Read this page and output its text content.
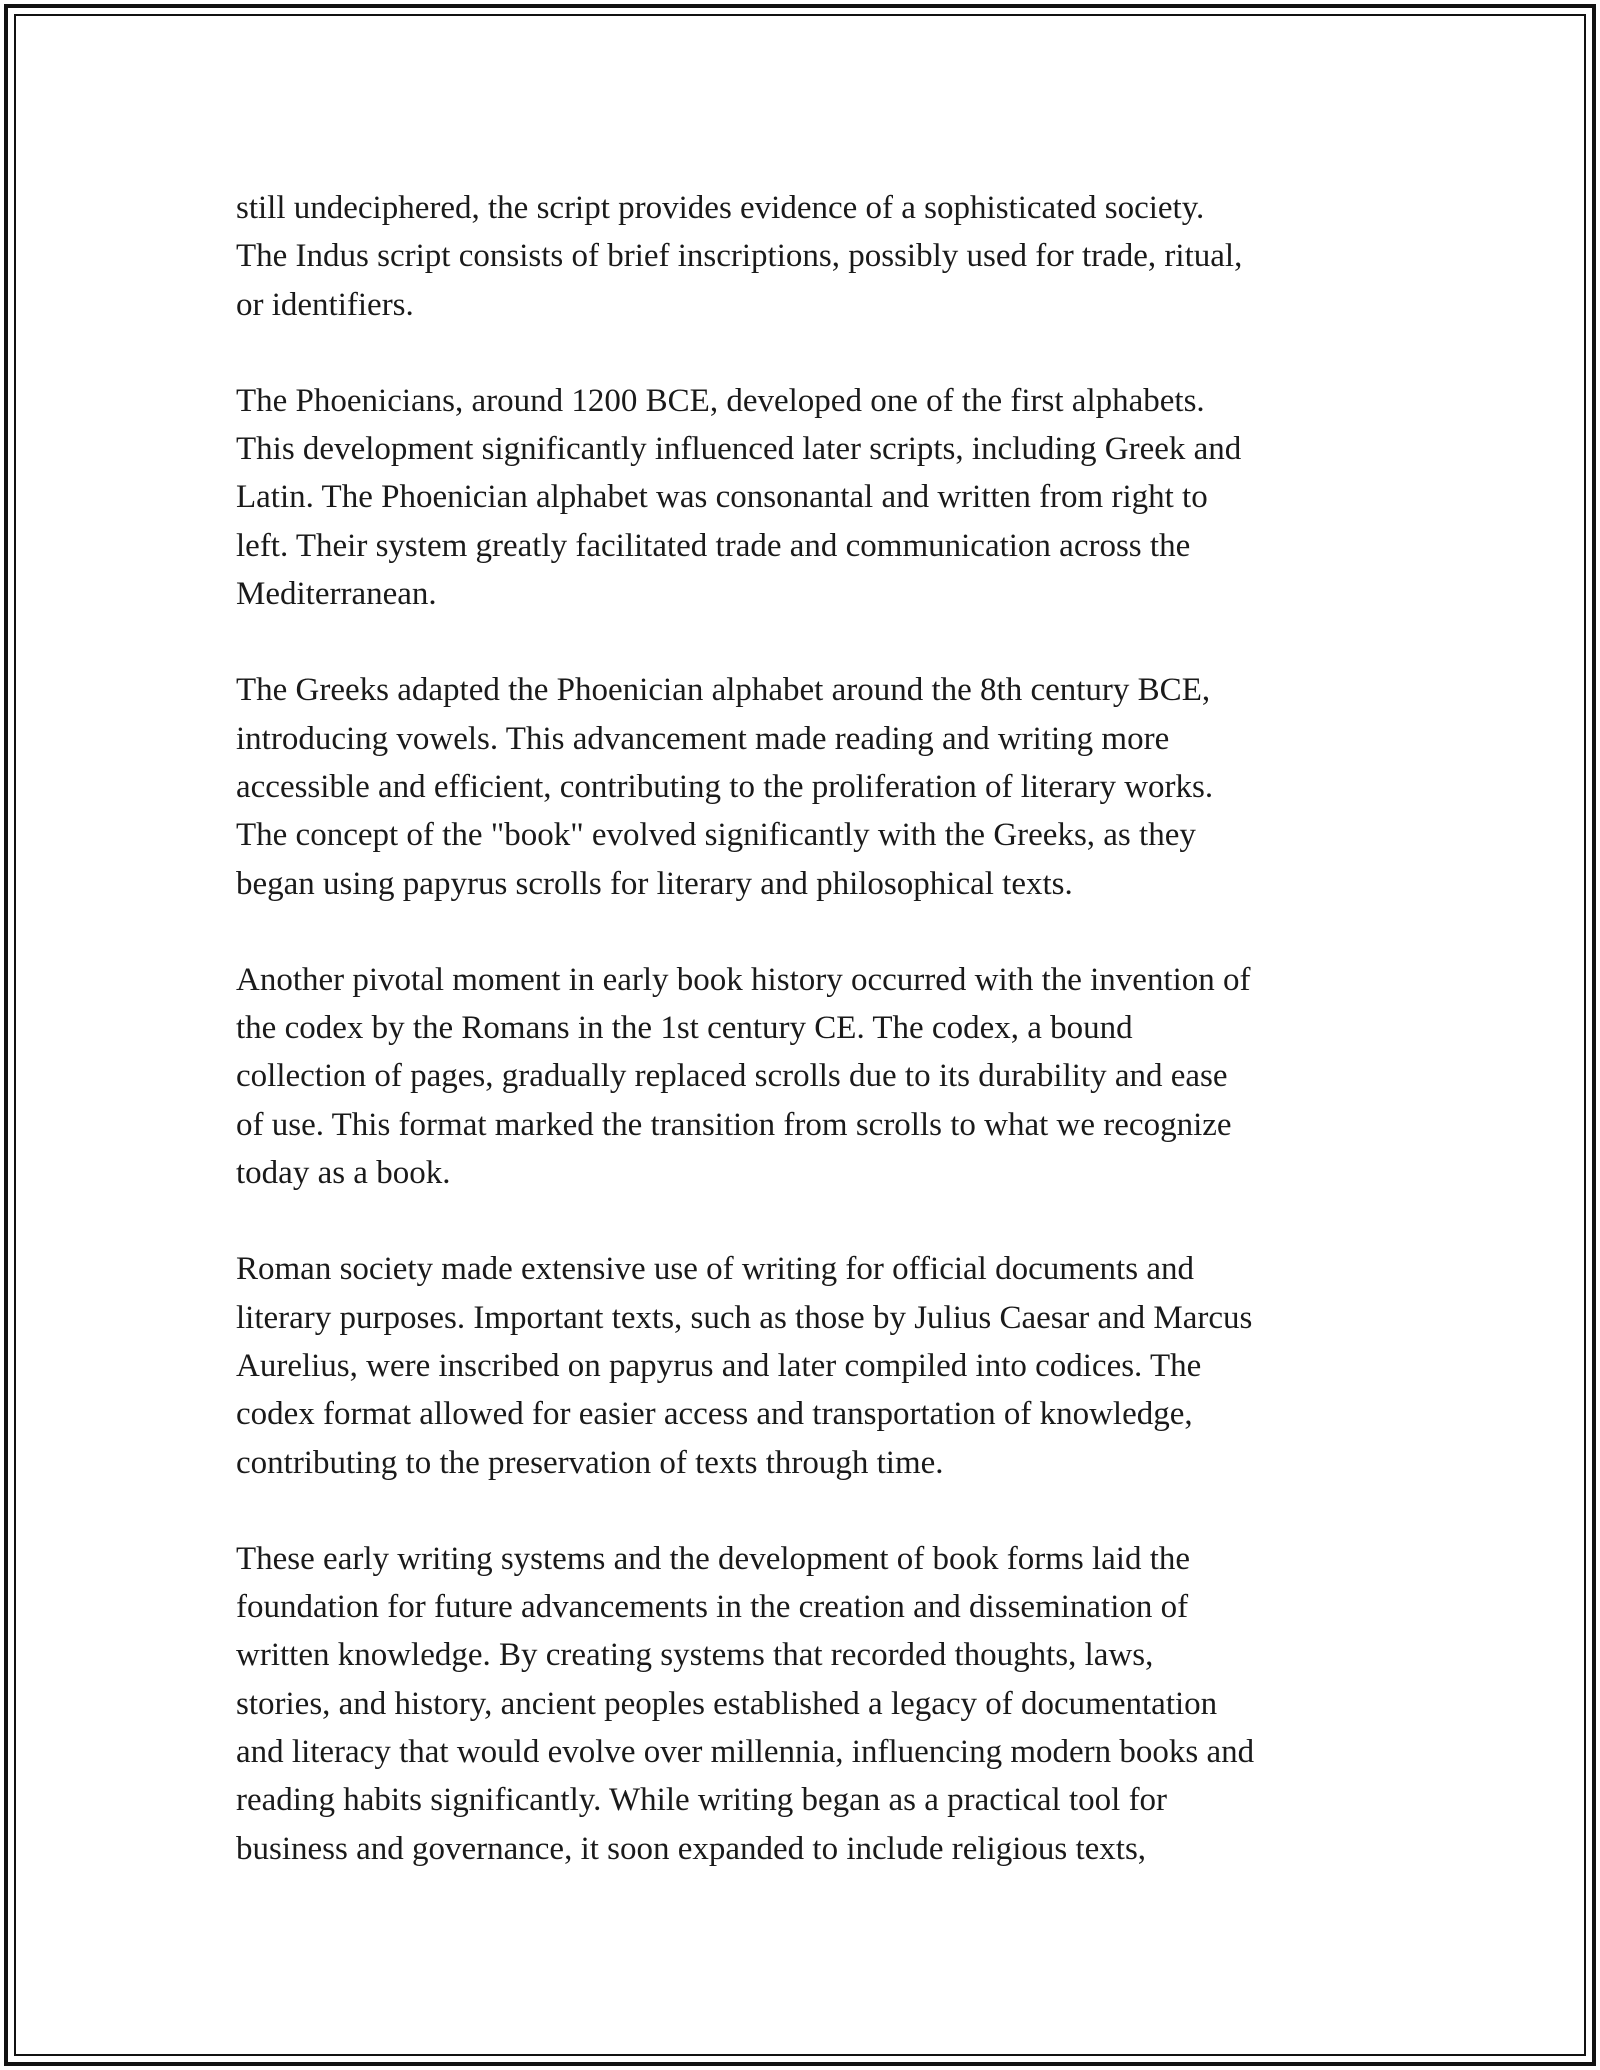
still undeciphered, the script provides evidence of a sophisticated society.
The Indus script consists of brief inscriptions, possibly used for trade, ritual,
or identifiers.

The Phoenicians, around 1200 BCE, developed one of the first alphabets.
This development significantly influenced later scripts, including Greek and
Latin. The Phoenician alphabet was consonantal and written from right to
left. Their system greatly facilitated trade and communication across the
Mediterranean.

The Greeks adapted the Phoenician alphabet around the 8th century BCE,
introducing vowels. This advancement made reading and writing more
accessible and efficient, contributing to the proliferation of literary works.
The concept of the "book" evolved significantly with the Greeks, as they
began using papyrus scrolls for literary and philosophical texts.

Another pivotal moment in early book history occurred with the invention of
the codex by the Romans in the 1st century CE. The codex, a bound
collection of pages, gradually replaced scrolls due to its durability and ease
of use. This format marked the transition from scrolls to what we recognize
today as a book.

Roman society made extensive use of writing for official documents and
literary purposes. Important texts, such as those by Julius Caesar and Marcus
Aurelius, were inscribed on papyrus and later compiled into codices. The
codex format allowed for easier access and transportation of knowledge,
contributing to the preservation of texts through time.

These early writing systems and the development of book forms laid the
foundation for future advancements in the creation and dissemination of
written knowledge. By creating systems that recorded thoughts, laws,
stories, and history, ancient peoples established a legacy of documentation
and literacy that would evolve over millennia, influencing modern books and
reading habits significantly. While writing began as a practical tool for
business and governance, it soon expanded to include religious texts,
